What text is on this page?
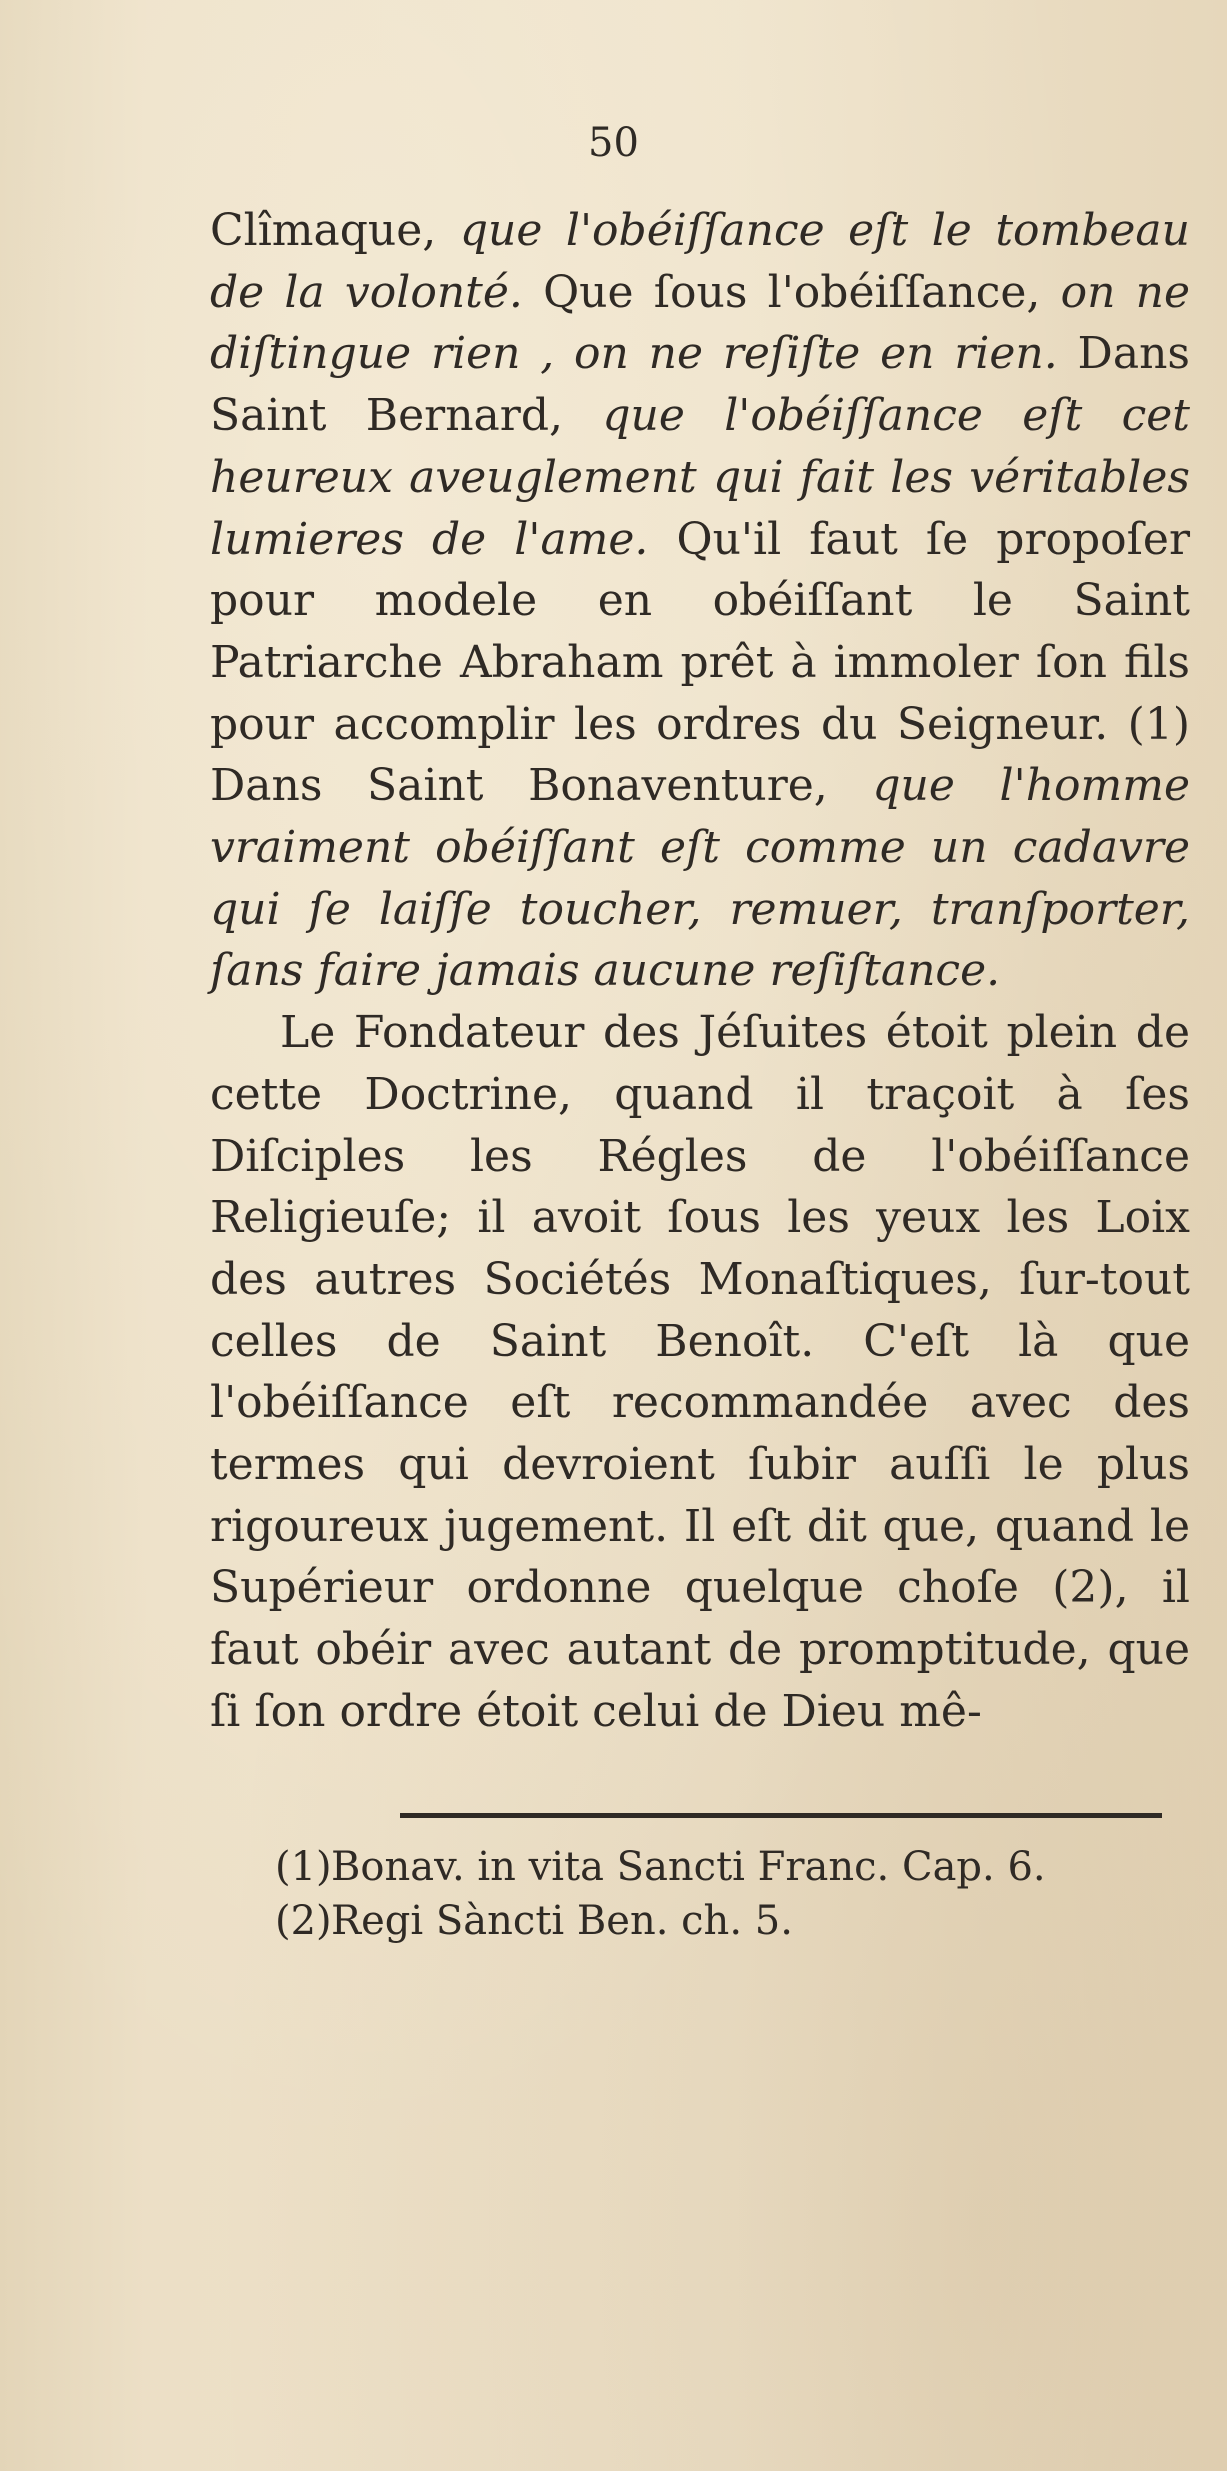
50

Clîmaque, que l'obéiſſance eſt le tombeau de la volonté. Que ſous l'obéiſſance, on ne diſtingue rien , on ne reſiſte en rien. Dans Saint Bernard, que l'obéiſſance eſt cet heureux aveuglement qui fait les véritables lumieres de l'ame. Qu'il faut ſe propoſer pour modele en obéiſſant le Saint Patriarche Abraham prêt à immoler ſon fils pour accomplir les ordres du Seigneur. (1) Dans Saint Bonaventure, que l'homme vraiment obéiſſant eſt comme un cadavre qui ſe laiſſe toucher, remuer, tranſporter, ſans faire jamais aucune reſiſtance.

Le Fondateur des Jéſuites étoit plein de cette Doctrine, quand il traçoit à ſes Diſciples les Régles de l'obéiſſance Religieuſe; il avoit ſous les yeux les Loix des autres Sociétés Monaſtiques, ſur-tout celles de Saint Benoît. C'eſt là que l'obéiſſance eſt recommandée avec des termes qui devroient ſubir auſſi le plus rigoureux jugement. Il eſt dit que, quand le Supérieur ordonne quelque choſe (2), il faut obéir avec autant de promptitude, que ſi ſon ordre étoit celui de Dieu mê-

(1)Bonav. in vita Sancti Franc. Cap. 6.
(2)Regi Sàncti Ben. ch. 5.
